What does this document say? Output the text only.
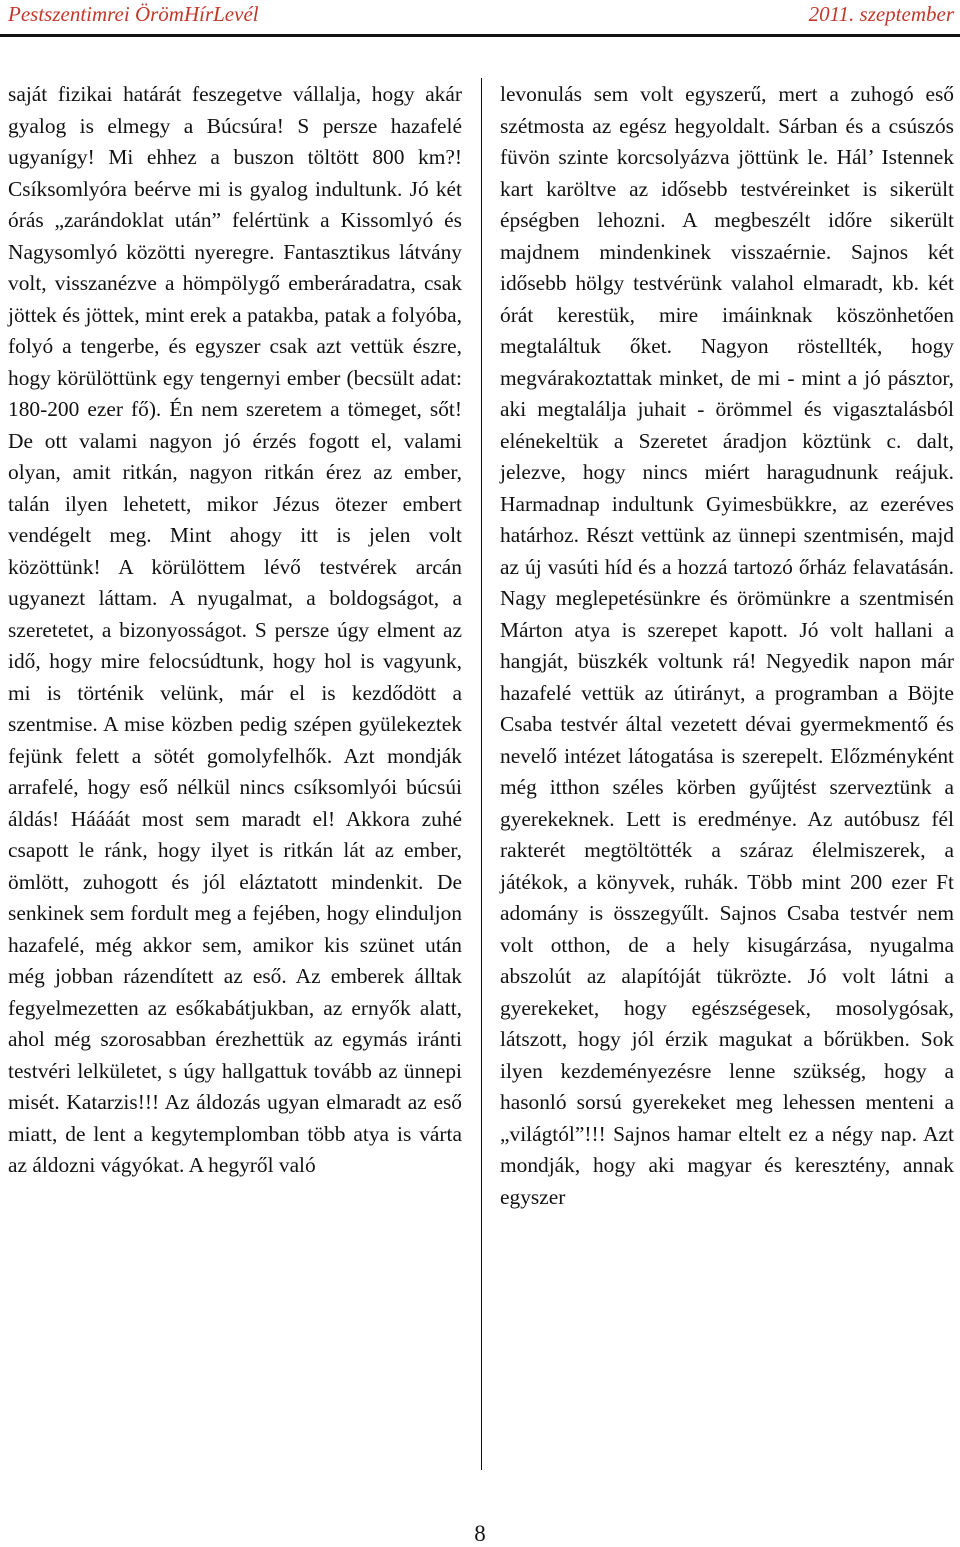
Pestszentimrei ÖrömHírLevél	2011. szeptember
saját fizikai határát feszegetve vállalja, hogy akár gyalog is elmegy a Búcsúra! S persze hazafelé ugyanígy! Mi ehhez a buszon töltött 800 km?! Csíksomlyóra beérve mi is gyalog indultunk. Jó két órás „zarándoklat után” felértünk a Kissomlyó és Nagysomlyó közötti nyeregre. Fantasztikus látvány volt, visszanézve a hömpölygő emberáradatra, csak jöttek és jöttek, mint erek a patakba, patak a folyóba, folyó a tengerbe, és egyszer csak azt vettük észre, hogy körülöttünk egy tengernyi ember (becsült adat: 180-200 ezer fő). Én nem szeretem a tömeget, sőt! De ott valami nagyon jó érzés fogott el, valami olyan, amit ritkán, nagyon ritkán érez az ember, talán ilyen lehetett, mikor Jézus ötezer embert vendégelt meg. Mint ahogy itt is jelen volt közöttünk! A körülöttem lévő testvérek arcán ugyanezt láttam. A nyugalmat, a boldogságot, a szeretetet, a bizonyosságot. S persze úgy elment az idő, hogy mire felocsúdtunk, hogy hol is vagyunk, mi is történik velünk, már el is kezdődött a szentmise. A mise közben pedig szépen gyülekeztek fejünk felett a sötét gomolyfelhők. Azt mondják arrafelé, hogy eső nélkül nincs csíksomlyói búcsúi áldás! Háááát most sem maradt el! Akkora zuhé csapott le ránk, hogy ilyet is ritkán lát az ember, ömlött, zuhogott és jól eláztatott mindenkit. De senkinek sem fordult meg a fejében, hogy elinduljon hazafelé, még akkor sem, amikor kis szünet után még jobban rázendített az eső. Az emberek álltak fegyelmezetten az esőkabátjukban, az ernyők alatt, ahol még szorosabban érezhettük az egymás iránti testvéri lelkületet, s úgy hallgattuk tovább az ünnepi misét. Katarzis!!! Az áldozás ugyan elmaradt az eső miatt, de lent a kegytemplomban több atya is várta az áldozni vágyókat. A hegyről való
levonulás sem volt egyszerű, mert a zuhogó eső szétmosta az egész hegyoldalt. Sárban és a csúszós füvön szinte korcsolyázva jöttünk le. Hál’ Istennek kart karöltve az idősebb testvéreinket is sikerült épségben lehozni. A megbeszélt időre sikerült majdnem mindenkinek visszaérnie. Sajnos két idősebb hölgy testvérünk valahol elmaradt, kb. két órát kerestük, mire imáinknak köszönhetően megtaláltuk őket. Nagyon röstellték, hogy megvárakoztattak minket, de mi - mint a jó pásztor, aki megtalálja juhait - örömmel és vigasztalásból elénekeltük a Szeretet áradjon köztünk c. dalt, jelezve, hogy nincs miért haragudnunk reájuk. Harmadnap indultunk Gyimesbükkre, az ezeréves határhoz. Részt vettünk az ünnepi szentmisén, majd az új vasúti híd és a hozzá tartozó őrház felavatásán. Nagy meglepetésünkre és örömünkre a szentmisén Márton atya is szerepet kapott. Jó volt hallani a hangját, büszkék voltunk rá! Negyedik napon már hazafelé vettük az útirányt, a programban a Böjte Csaba testvér által vezetett dévai gyermekmentő és nevelő intézet látogatása is szerepelt. Előzményként még itthon széles körben gyűjtést szerveztünk a gyerekeknek. Lett is eredménye. Az autóbusz fél rakterét megtöltötték a száraz élelmiszerek, a játékok, a könyvek, ruhák. Több mint 200 ezer Ft adomány is összegyűlt. Sajnos Csaba testvér nem volt otthon, de a hely kisugárzása, nyugalma abszolút az alapítóját tükrözte. Jó volt látni a gyerekeket, hogy egészségesek, mosolygósak, látszott, hogy jól érzik magukat a bőrükben. Sok ilyen kezdeményezésre lenne szükség, hogy a hasonló sorsú gyerekeket meg lehessen menteni a „világtól”!!! Sajnos hamar eltelt ez a négy nap. Azt mondják, hogy aki magyar és keresztény, annak egyszer
8
